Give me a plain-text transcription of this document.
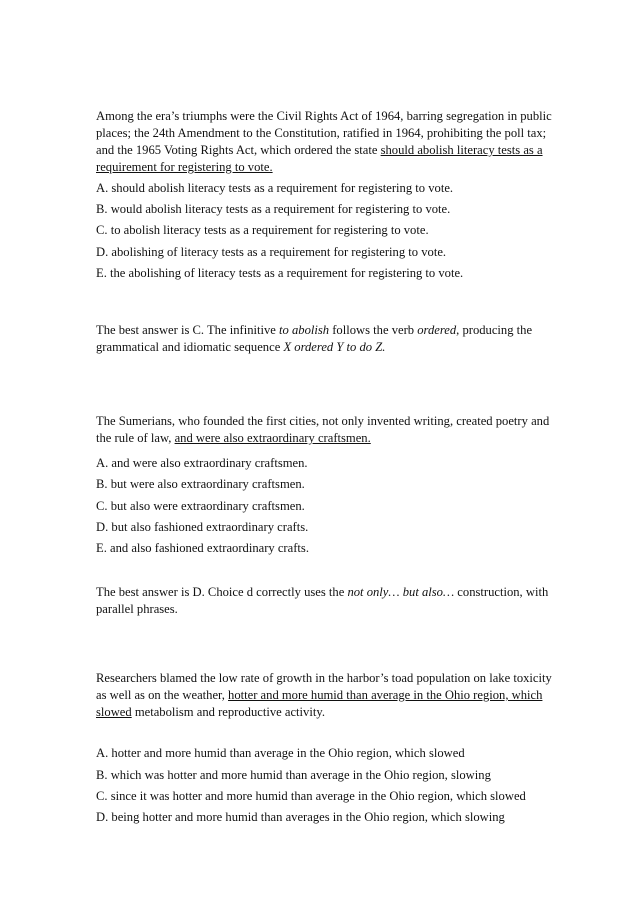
Among the era’s triumphs were the Civil Rights Act of 1964, barring segregation in public places; the 24th Amendment to the Constitution, ratified in 1964, prohibiting the poll tax; and the 1965 Voting Rights Act, which ordered the state should abolish literacy tests as a requirement for registering to vote.

A. should abolish literacy tests as a requirement for registering to vote.

B. would abolish literacy tests as a requirement for registering to vote.

C. to abolish literacy tests as a requirement for registering to vote.

D. abolishing of literacy tests as a requirement for registering to vote.

E. the abolishing of literacy tests as a requirement for registering to vote.

The best answer is C. The infinitive to abolish follows the verb ordered, producing the grammatical and idiomatic sequence X ordered Y to do Z.

The Sumerians, who founded the first cities, not only invented writing, created poetry and the rule of law, and were also extraordinary craftsmen.

A. and were also extraordinary craftsmen.

B. but were also extraordinary craftsmen.

C. but also were extraordinary craftsmen.

D. but also fashioned extraordinary crafts.

E. and also fashioned extraordinary crafts.

The best answer is D. Choice d correctly uses the not only… but also… construction, with parallel phrases.

Researchers blamed the low rate of growth in the harbor’s toad population on lake toxicity as well as on the weather, hotter and more humid than average in the Ohio region, which slowed metabolism and reproductive activity.

A. hotter and more humid than average in the Ohio region, which slowed

B. which was hotter and more humid than average in the Ohio region, slowing

C. since it was hotter and more humid than average in the Ohio region, which slowed

D. being hotter and more humid than averages in the Ohio region, which slowing
